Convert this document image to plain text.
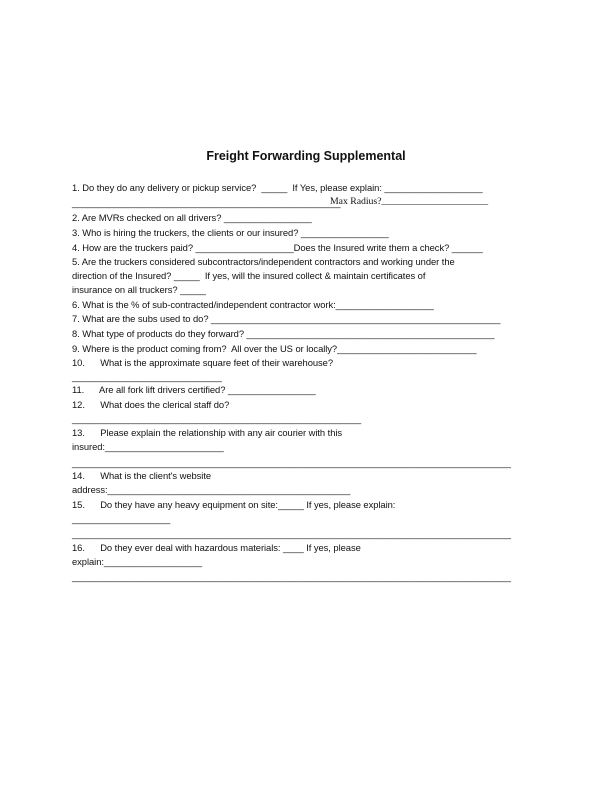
Freight Forwarding Supplemental
1. Do they do any delivery or pickup service?  _____  If Yes, please explain: ___________________
____________________________________________________
Max Radius?______________________
2. Are MVRs checked on all drivers? _________________
3. Who is hiring the truckers, the clients or our insured? _________________
4. How are the truckers paid? ___________________Does the Insured write them a check? ______
5. Are the truckers considered subcontractors/independent contractors and working under the
direction of the Insured? _____  If yes, will the insured collect & maintain certificates of
insurance on all truckers? _____
6. What is the % of sub-contracted/independent contractor work:___________________
7. What are the subs used to do? ________________________________________________________
8. What type of products do they forward? ________________________________________________
9. Where is the product coming from?  All over the US or locally?___________________________
10.      What is the approximate square feet of their warehouse?
_____________________________
11.      Are all fork lift drivers certified? _________________
12.      What does the clerical staff do?
________________________________________________________
13.      Please explain the relationship with any air courier with this
insured:_______________________
_____________________________________________________________________________________
14.      What is the client's website
address:_______________________________________________
15.      Do they have any heavy equipment on site:_____ If yes, please explain:
___________________
_____________________________________________________________________________________
16.      Do they ever deal with hazardous materials: ____ If yes, please
explain:___________________
_____________________________________________________________________________________
